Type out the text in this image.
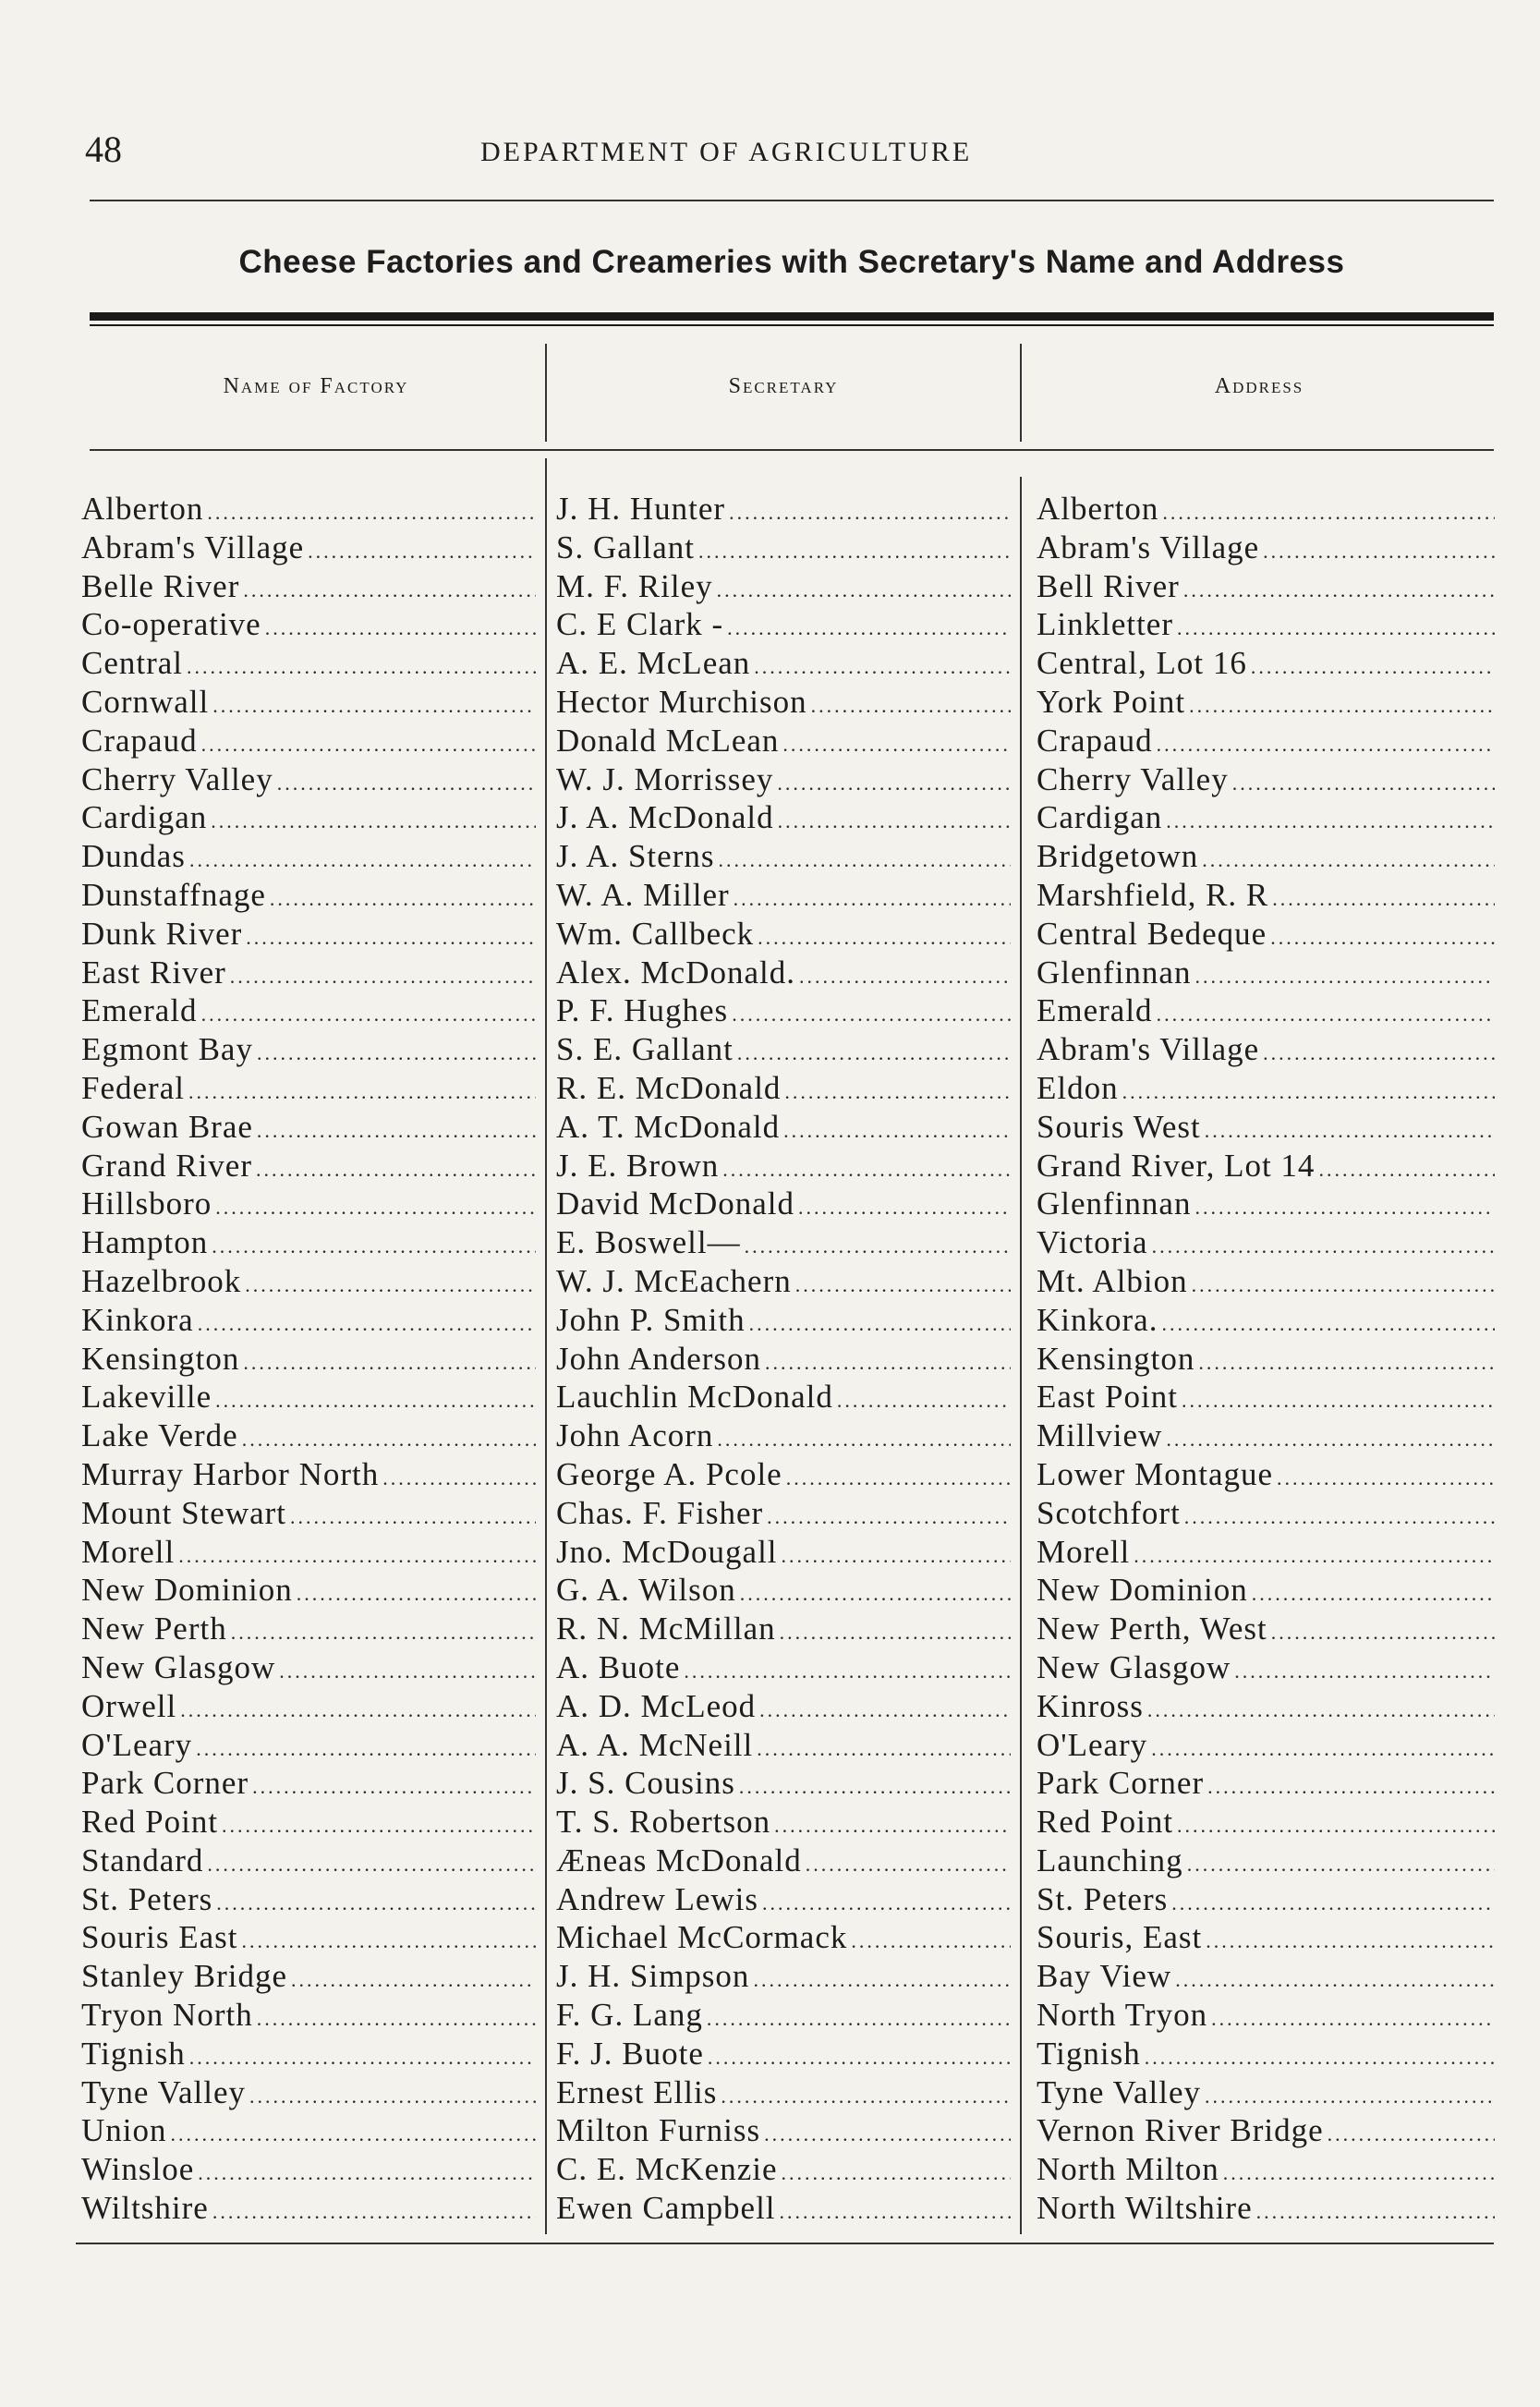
48	DEPARTMENT OF AGRICULTURE
Cheese Factories and Creameries with Secretary's Name and Address
Name of Factory	Secretary	Address
Alberton .....	J. H. Hunter .....	Alberton
.....
Abram's Village .....	S. Gallant .....	Abram's Village
.....
Belle River .....	M. F. Riley .....	Bell River
.....
Co-operative .....	C. E Clark - .....	Linkletter
.....
Central .....	A. E. McLean .....	Central, Lot 16
.....
Cornwall .....	Hector Murchison .....	York Point
.....
Crapaud .....	Donald McLean .....	Crapaud
.....
Cherry Valley .....	W. J. Morrissey .....	Cherry Valley
.....
Cardigan .....	J. A. McDonald .....	Cardigan
.....
Dundas .....	J. A. Sterns .....	Bridgetown
.....
Dunstaffnage .....	W. A. Miller .....	Marshfield, R. R
.....
Dunk River .....	Wm. Callbeck .....	Central Bedeque
.....
East River .....	Alex. McDonald. .....	Glenfinnan
.....
Emerald .....	P. F. Hughes .....	Emerald
.....
Egmont Bay .....	S. E. Gallant .....	Abram's Village
.....
Federal .....	R. E. McDonald .....	Eldon
.....
Gowan Brae .....	A. T. McDonald .....	Souris West
.....
Grand River .....	J. E. Brown .....	Grand River, Lot 14
.....
Hillsboro .....	David McDonald .....	Glenfinnan
.....
Hampton .....	E. Boswell— .....	Victoria
.....
Hazelbrook .....	W. J. McEachern .....	Mt. Albion
.....
Kinkora .....	John P. Smith .....	Kinkora.
.....
Kensington .....	John Anderson .....	Kensington
.....
Lakeville .....	Lauchlin McDonald .....	East Point
.....
Lake Verde .....	John Acorn .....	Millview
.....
Murray Harbor North .....	George A. Pcole .....	Lower Montague
.....
Mount Stewart .....	Chas. F. Fisher .....	Scotchfort
.....
Morell .....	Jno. McDougall .....	Morell
.....
New Dominion .....	G. A. Wilson .....	New Dominion
.....
New Perth .....	R. N. McMillan .....	New Perth, West
.....
New Glasgow .....	A. Buote .....	New Glasgow
.....
Orwell .....	A. D. McLeod .....	Kinross
.....
O'Leary .....	A. A. McNeill .....	O'Leary
.....
Park Corner .....	J. S. Cousins .....	Park Corner
.....
Red Point .....	T. S. Robertson .....	Red Point
.....
Standard .....	Æneas McDonald .....	Launching
.....
St. Peters .....	Andrew Lewis .....	St. Peters
.....
Souris East .....	Michael McCormack .....	Souris, East
.....
Stanley Bridge .....	J. H. Simpson .....	Bay View
.....
Tryon North .....	F. G. Lang .....	North Tryon
.....
Tignish .....	F. J. Buote .....	Tignish
.....
Tyne Valley .....	Ernest Ellis .....	Tyne Valley
.....
Union .....	Milton Furniss .....	Vernon River Bridge
.....
Winsloe .....	C. E. McKenzie .....	North Milton
.....
Wiltshire .....	Ewen Campbell .....	North Wiltshire
.....
